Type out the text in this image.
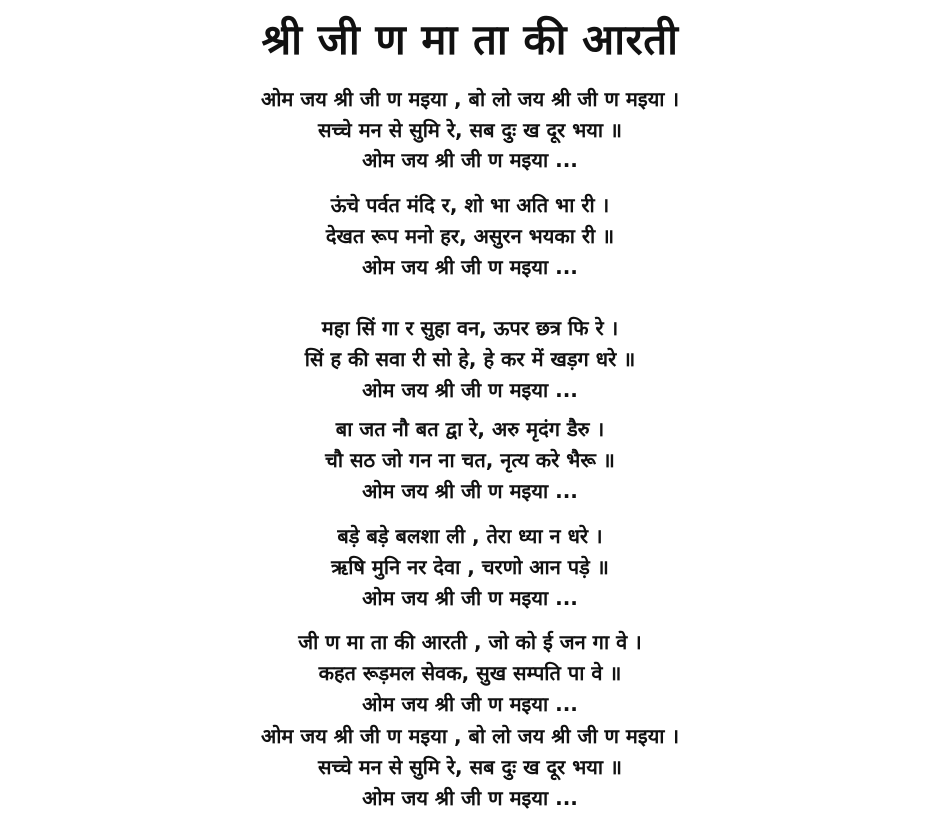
श्री जी ण मा ता की आरती
ओम जय श्री जी ण मइया , बो लो जय श्री जी ण मइया ।
सच्चे मन से सुमि रे, सब दुः ख दूर भया ॥
ओम जय श्री जी ण मइया ...
ऊंचे पर्वत मंदि र, शो भा अति भा री ।
देखत रूप मनो हर, असुरन भयका री ॥
ओम जय श्री जी ण मइया ...
महा सिं गा र सुहा वन, ऊपर छत्र फि रे ।
सिं ह की सवा री सो हे, हे कर में खड़ग धरे ॥
ओम जय श्री जी ण मइया ...
बा जत नौ बत द्वा रे, अरु मृदंग डैरु ।
चौ सठ जो गन ना चत, नृत्य करे भैरू ॥
ओम जय श्री जी ण मइया ...
बड़े बड़े बलशा ली , तेरा ध्या न धरे ।
ऋषि मुनि नर देवा , चरणो आन पड़े ॥
ओम जय श्री जी ण मइया ...
जी ण मा ता की आरती , जो को ई जन गा वे ।
कहत रूड़मल सेवक, सुख सम्पति पा वे ॥
ओम जय श्री जी ण मइया ...
ओम जय श्री जी ण मइया , बो लो जय श्री जी ण मइया ।
सच्चे मन से सुमि रे, सब दुः ख दूर भया ॥
ओम जय श्री जी ण मइया ...
